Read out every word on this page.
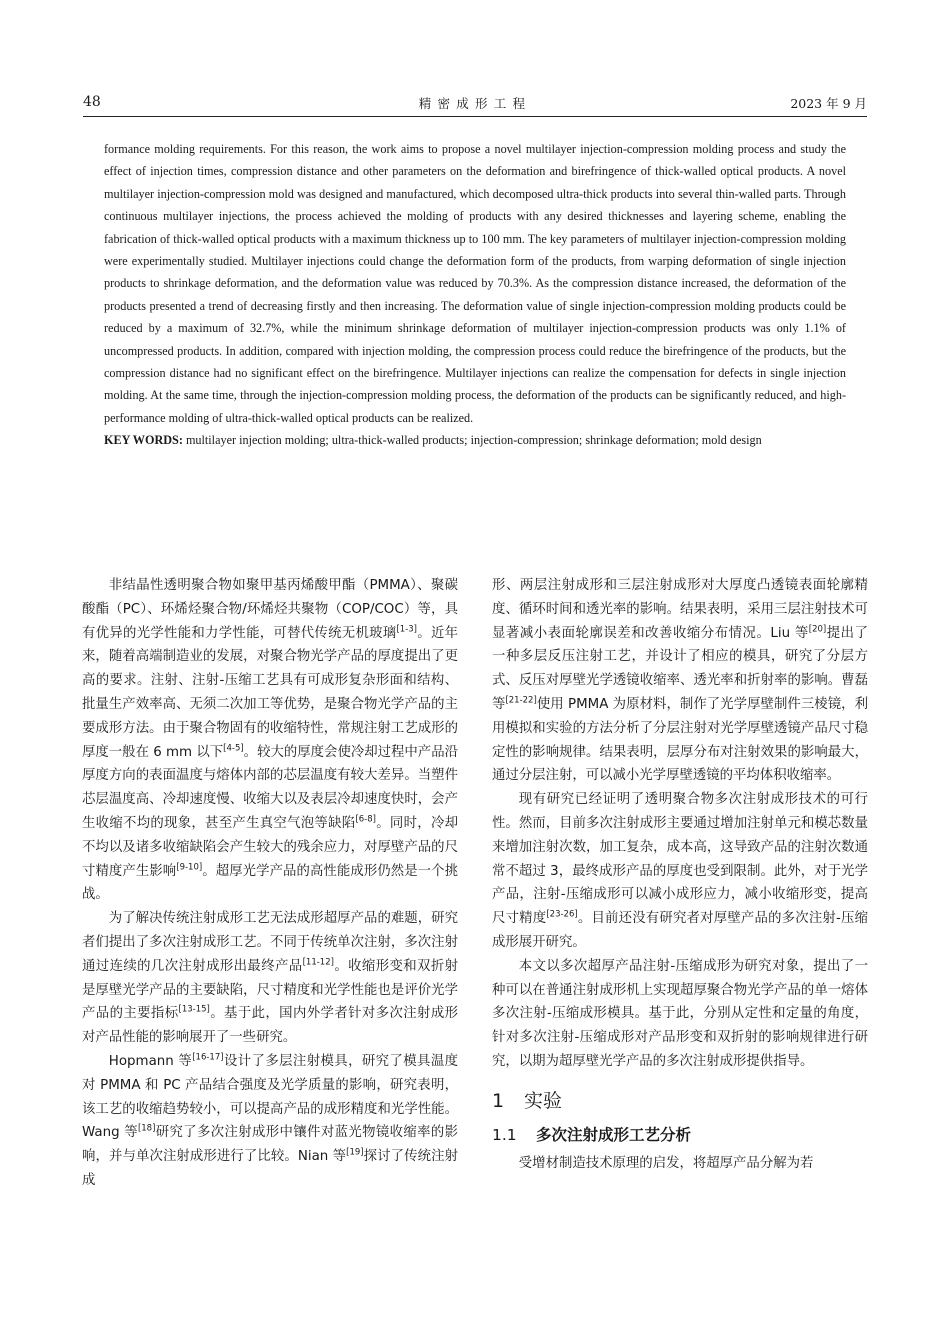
48	精密成形工程	2023 年 9 月

formance molding requirements. For this reason, the work aims to propose a novel multilayer injection-compression molding process and study the effect of injection times, compression distance and other parameters on the deformation and birefringence of thick-walled optical products. A novel multilayer injection-compression mold was designed and manufactured, which decomposed ultra-thick products into several thin-walled parts. Through continuous multilayer injections, the process achieved the molding of products with any desired thicknesses and layering scheme, enabling the fabrication of thick-walled optical products with a maximum thickness up to 100 mm. The key parameters of multilayer injection-compression molding were experimentally studied. Multilayer injections could change the deformation form of the products, from warping deformation of single injection products to shrinkage deformation, and the deformation value was reduced by 70.3%. As the compression distance increased, the deformation of the products presented a trend of decreasing firstly and then increasing. The deformation value of single injection-compression molding products could be reduced by a maximum of 32.7%, while the minimum shrinkage deformation of multilayer injection-compression products was only 1.1% of uncompressed products. In addition, compared with injection molding, the compression process could reduce the birefringence of the products, but the compression distance had no significant effect on the birefringence. Multilayer injections can realize the compensation for defects in single injection molding. At the same time, through the injection-compression molding process, the deformation of the products can be significantly reduced, and high-performance molding of ultra-thick-walled optical products can be realized.

KEY WORDS: multilayer injection molding; ultra-thick-walled products; injection-compression; shrinkage deformation; mold design

非结晶性透明聚合物如聚甲基丙烯酸甲酯（PMMA）、聚碳酸酯（PC）、环烯烃聚合物/环烯烃共聚物（COP/COC）等，具有优异的光学性能和力学性能，可替代传统无机玻璃[1-3]。近年来，随着高端制造业的发展，对聚合物光学产品的厚度提出了更高的要求。注射、注射-压缩工艺具有可成形复杂形面和结构、批量生产效率高、无须二次加工等优势，是聚合物光学产品的主要成形方法。由于聚合物固有的收缩特性，常规注射工艺成形的厚度一般在 6 mm 以下[4-5]。较大的厚度会使冷却过程中产品沿厚度方向的表面温度与熔体内部的芯层温度有较大差异。当塑件芯层温度高、冷却速度慢、收缩大以及表层冷却速度快时，会产生收缩不均的现象，甚至产生真空气泡等缺陷[6-8]。同时，冷却不均以及诸多收缩缺陷会产生较大的残余应力，对厚壁产品的尺寸精度产生影响[9-10]。超厚光学产品的高性能成形仍然是一个挑战。

为了解决传统注射成形工艺无法成形超厚产品的难题，研究者们提出了多次注射成形工艺。不同于传统单次注射，多次注射通过连续的几次注射成形出最终产品[11-12]。收缩形变和双折射是厚壁光学产品的主要缺陷，尺寸精度和光学性能也是评价光学产品的主要指标[13-15]。基于此，国内外学者针对多次注射成形对产品性能的影响展开了一些研究。

Hopmann 等[16-17]设计了多层注射模具，研究了模具温度对 PMMA 和 PC 产品结合强度及光学质量的影响，研究表明，该工艺的收缩趋势较小，可以提高产品的成形精度和光学性能。Wang 等[18]研究了多次注射成形中镶件对蓝光物镜收缩率的影响，并与单次注射成形进行了比较。Nian 等[19]探讨了传统注射成

形、两层注射成形和三层注射成形对大厚度凸透镜表面轮廓精度、循环时间和透光率的影响。结果表明，采用三层注射技术可显著减小表面轮廓误差和改善收缩分布情况。Liu 等[20]提出了一种多层反压注射工艺，并设计了相应的模具，研究了分层方式、反压对厚壁光学透镜收缩率、透光率和折射率的影响。曹磊等[21-22]使用 PMMA 为原材料，制作了光学厚壁制件三棱镜，利用模拟和实验的方法分析了分层注射对光学厚壁透镜产品尺寸稳定性的影响规律。结果表明，层厚分布对注射效果的影响最大，通过分层注射，可以减小光学厚壁透镜的平均体积收缩率。

现有研究已经证明了透明聚合物多次注射成形技术的可行性。然而，目前多次注射成形主要通过增加注射单元和模芯数量来增加注射次数，加工复杂，成本高，这导致产品的注射次数通常不超过 3，最终成形产品的厚度也受到限制。此外，对于光学产品，注射-压缩成形可以减小成形应力，减小收缩形变，提高尺寸精度[23-26]。目前还没有研究者对厚壁产品的多次注射-压缩成形展开研究。

本文以多次超厚产品注射-压缩成形为研究对象，提出了一种可以在普通注射成形机上实现超厚聚合物光学产品的单一熔体多次注射-压缩成形模具。基于此，分别从定性和定量的角度，针对多次注射-压缩成形对产品形变和双折射的影响规律进行研究，以期为超厚壁光学产品的多次注射成形提供指导。

1 实验
1.1 多次注射成形工艺分析

受增材制造技术原理的启发，将超厚产品分解为若
